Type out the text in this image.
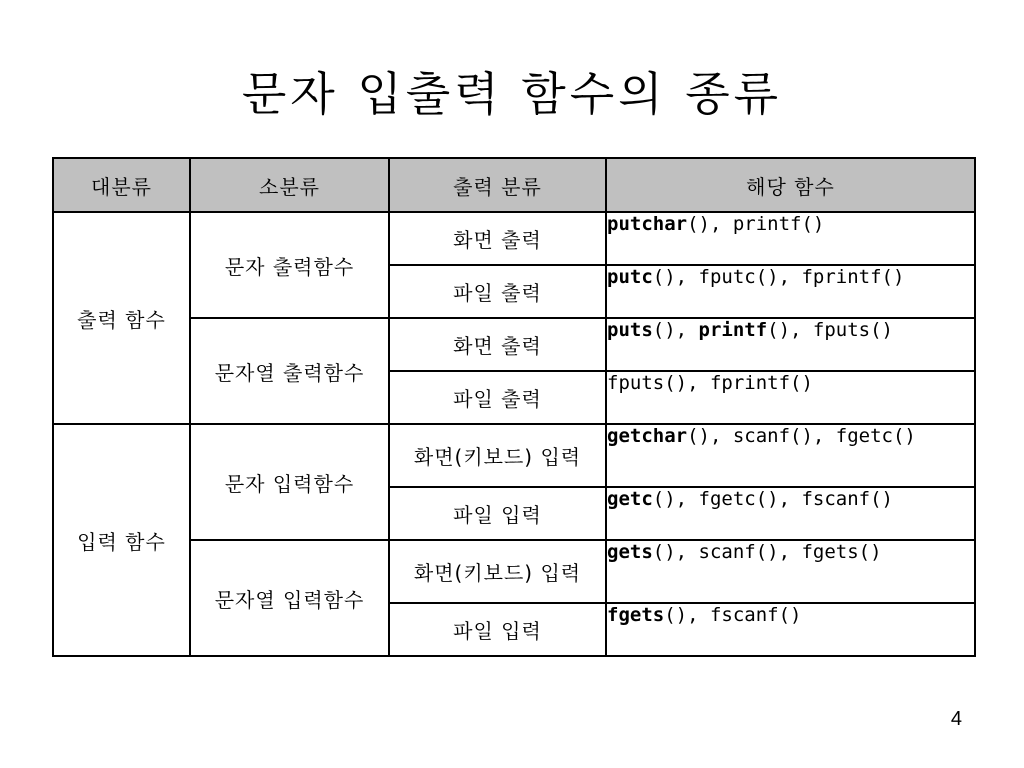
문자 입출력 함수의 종류
대분류	소분류	출력 분류	해당 함수
출력 함수	문자 출력함수	화면 출력	putchar(), printf()
		파일 출력	putc(), fputc(), fprintf()
	문자열 출력함수	화면 출력	puts(), printf(), fputs()
		파일 출력	fputs(), fprintf()
입력 함수	문자 입력함수	화면(키보드) 입력	getchar(), scanf(), fgetc()
		파일 입력	getc(), fgetc(), fscanf()
	문자열 입력함수	화면(키보드) 입력	gets(), scanf(), fgets()
		파일 입력	fgets(), fscanf()
4
